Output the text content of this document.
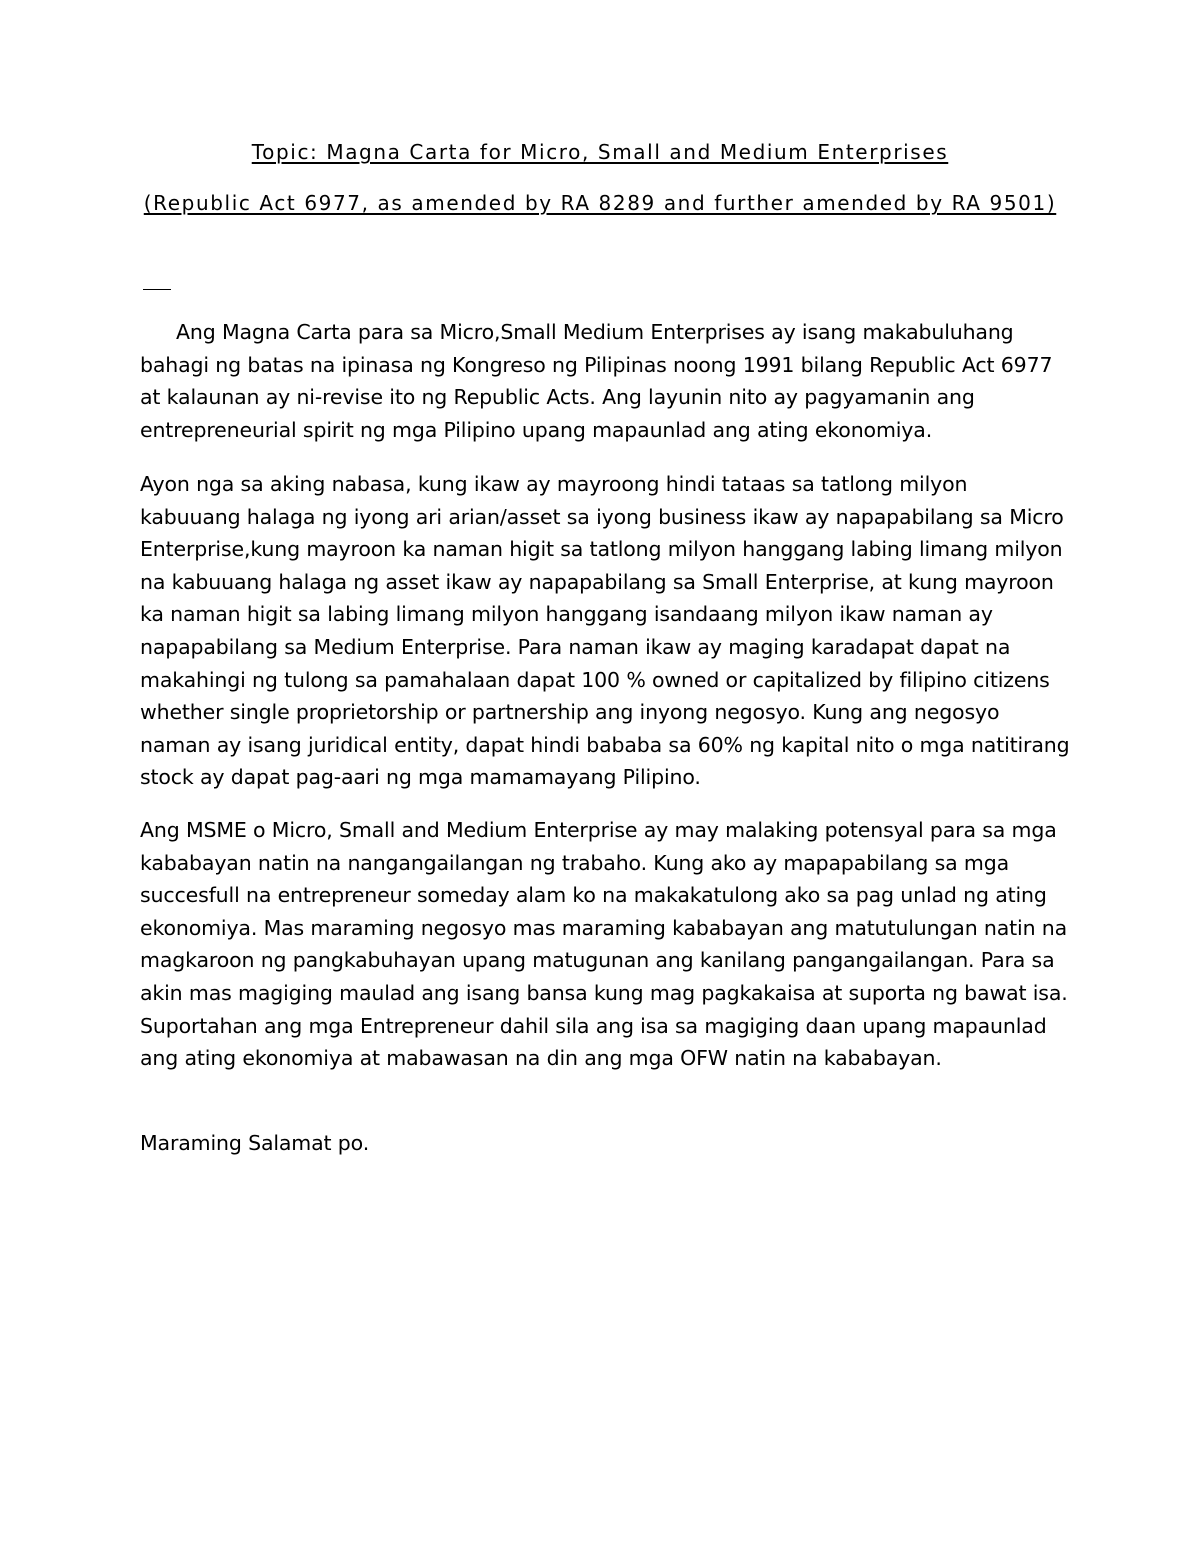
Topic: Magna Carta for Micro, Small and Medium Enterprises
(Republic Act 6977, as amended by RA 8289 and further amended by RA 9501)

Ang Magna Carta para sa Micro,Small Medium Enterprises ay isang makabuluhang bahagi ng batas na ipinasa ng Kongreso ng Pilipinas noong 1991 bilang Republic Act 6977 at kalaunan ay ni-revise ito ng Republic Acts. Ang layunin nito ay pagyamanin ang entrepreneurial spirit ng mga Pilipino upang mapaunlad ang ating ekonomiya.

Ayon nga sa aking nabasa, kung ikaw ay mayroong hindi tataas sa tatlong milyon kabuuang halaga ng iyong ari arian/asset sa iyong business ikaw ay napapabilang sa Micro Enterprise,kung mayroon ka naman higit sa tatlong milyon hanggang labing limang milyon na kabuuang halaga ng asset ikaw ay napapabilang sa Small Enterprise, at kung mayroon ka naman higit sa labing limang milyon hanggang isandaang milyon ikaw naman ay napapabilang sa Medium Enterprise. Para naman ikaw ay maging karadapat dapat na makahingi ng tulong sa pamahalaan dapat 100 % owned or capitalized by filipino citizens whether single proprietorship or partnership ang inyong negosyo. Kung ang negosyo naman ay isang juridical entity, dapat hindi bababa sa 60% ng kapital nito o mga natitirang stock ay dapat pag-aari ng mga mamamayang Pilipino.

Ang MSME o Micro, Small and Medium Enterprise ay may malaking potensyal para sa mga kababayan natin na nangangailangan ng trabaho. Kung ako ay mapapabilang sa mga succesfull na entrepreneur someday alam ko na makakatulong ako sa pag unlad ng ating ekonomiya. Mas maraming negosyo mas maraming kababayan ang matutulungan natin na magkaroon ng pangkabuhayan upang matugunan ang kanilang pangangailangan. Para sa akin mas magiging maulad ang isang bansa kung mag pagkakaisa at suporta ng bawat isa. Suportahan ang mga Entrepreneur dahil sila ang isa sa magiging daan upang mapaunlad ang ating ekonomiya at mabawasan na din ang mga OFW natin na kababayan.

Maraming Salamat po.
